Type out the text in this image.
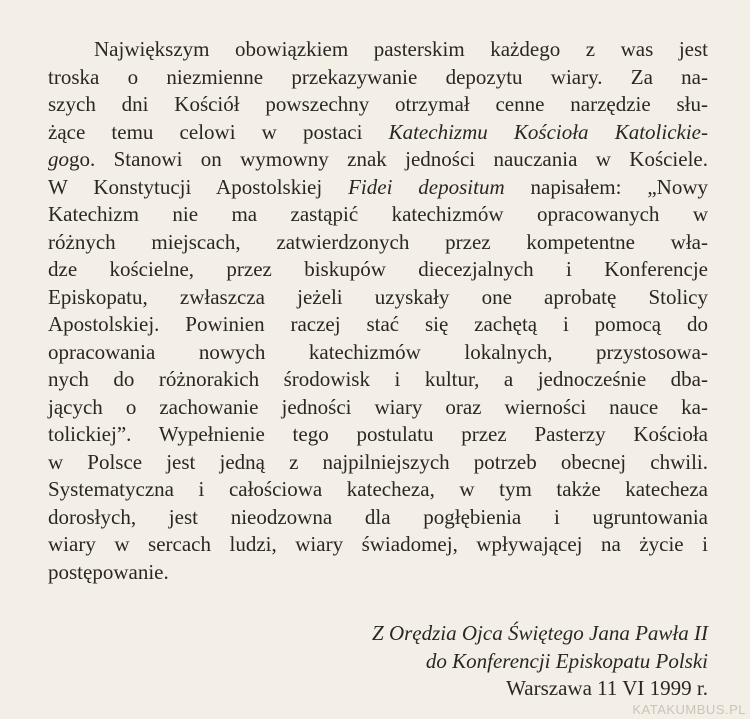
Największym obowiązkiem pasterskim każdego z was jest
troska o niezmienne przekazywanie depozytu wiary. Za na-
szych dni Kościół powszechny otrzymał cenne narzędzie słu-
żące temu celowi w postaci Katechizmu Kościoła Katolickie-
gogo. Stanowi on wymowny znak jedności nauczania w Kościele.
W Konstytucji Apostolskiej Fidei depositum napisałem: „Nowy
Katechizm nie ma zastąpić katechizmów opracowanych w
różnych miejscach, zatwierdzonych przez kompetentne wła-
dze kościelne, przez biskupów diecezjalnych i Konferencje
Episkopatu, zwłaszcza jeżeli uzyskały one aprobatę Stolicy
Apostolskiej. Powinien raczej stać się zachętą i pomocą do
opracowania nowych katechizmów lokalnych, przystosowa-
nych do różnorakich środowisk i kultur, a jednocześnie dba-
jących o zachowanie jedności wiary oraz wierności nauce ka-
tolickiej”. Wypełnienie tego postulatu przez Pasterzy Kościoła
w Polsce jest jedną z najpilniejszych potrzeb obecnej chwili.
Systematyczna i całościowa katecheza, w tym także katecheza
dorosłych, jest nieodzowna dla pogłębienia i ugruntowania
wiary w sercach ludzi, wiary świadomej, wpływającej na życie i
postępowanie.
Z Orędzia Ojca Świętego Jana Pawła II
do Konferencji Episkopatu Polski
Warszawa 11 VI 1999 r.
KATAKUMBUS.PL
